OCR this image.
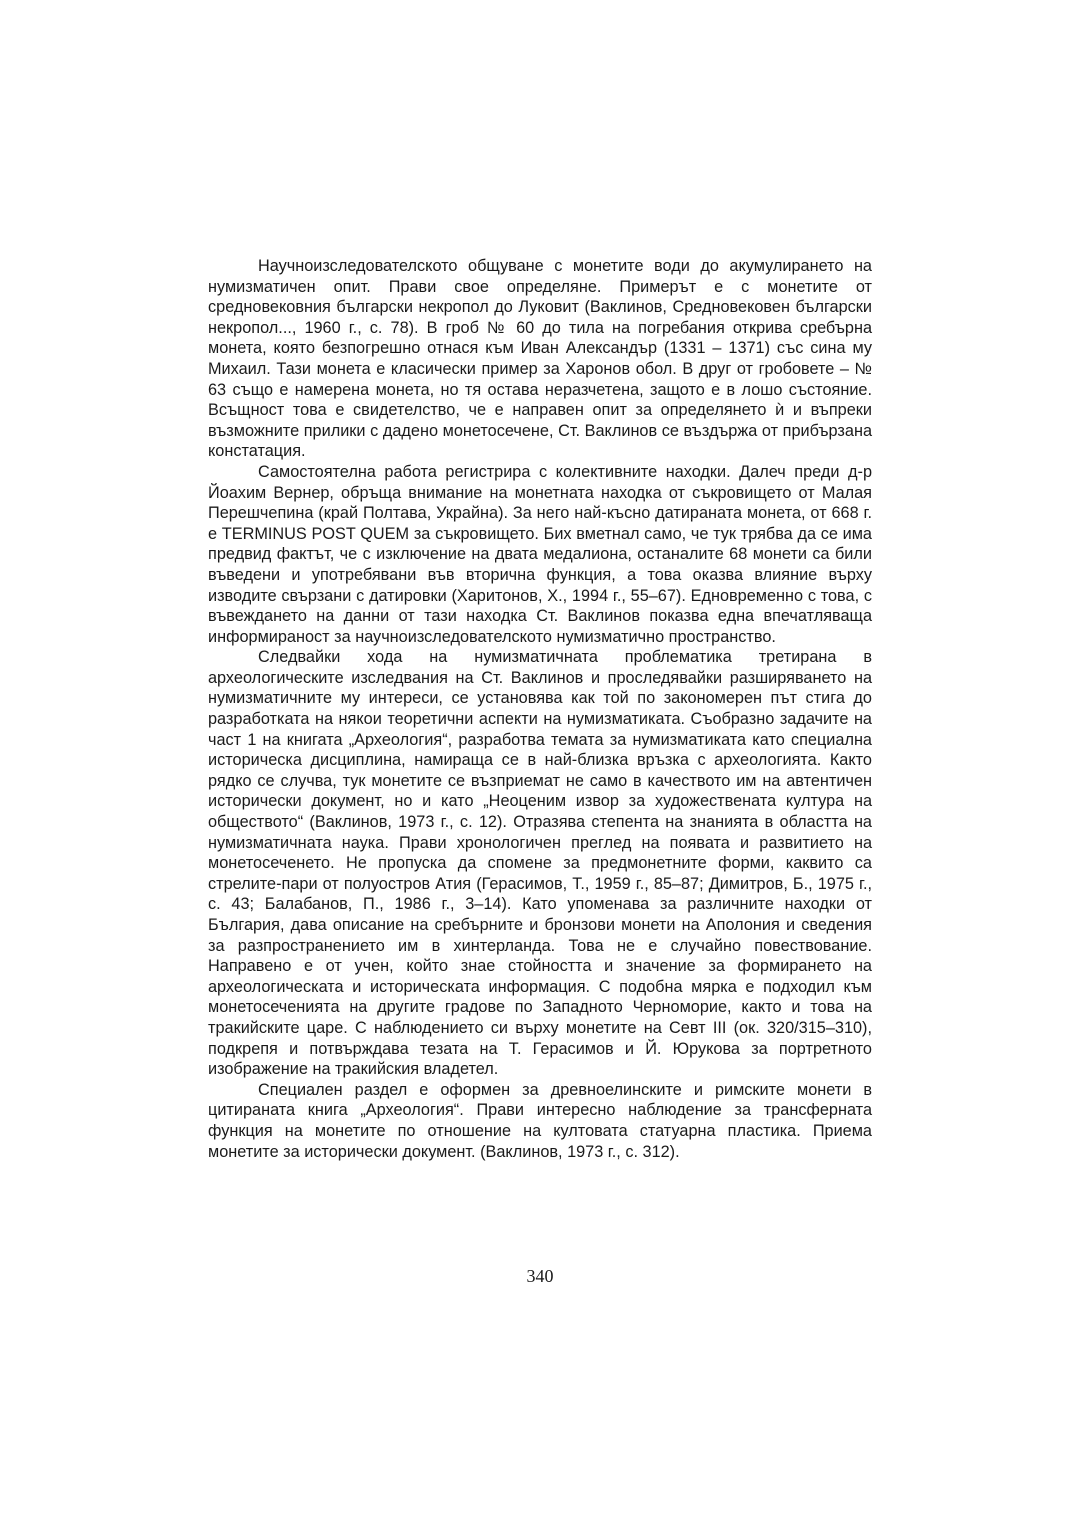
Научноизследователското общуване с монетите води до акумулирането на нумизматичен опит. Прави свое определяне. Примерът е с монетите от средновековния български некропол до Луковит (Ваклинов, Средновековен български некропол..., 1960 г., с. 78). В гроб № 60 до тила на погребания открива сребърна монета, която безпогрешно отнася към Иван Александър (1331 – 1371) със сина му Михаил. Тази монета е класически пример за Харонов обол. В друг от гробовете – № 63 също е намерена монета, но тя остава неразчетена, защото е в лошо състояние. Всъщност това е свидетелство, че е направен опит за определянето ѝ и въпреки възможните прилики с дадено монетосечене, Ст. Ваклинов се въздържа от прибързана констатация.

Самостоятелна работа регистрира с колективните находки. Далеч преди д-р Йоахим Вернер, обръща внимание на монетната находка от съкровището от Малая Перешчепина (край Полтава, Украйна). За него най-късно датираната монета, от 668 г. е TERMINUS POST QUEM за съкровището. Бих вметнал само, че тук трябва да се има предвид фактът, че с изключение на двата медалиона, останалите 68 монети са били въведени и употребявани във вторична функция, а това оказва влияние върху изводите свързани с датировки (Харитонов, Х., 1994 г., 55–67). Едновременно с това, с въвеждането на данни от тази находка Ст. Ваклинов показва една впечатляваща информираност за научноизследователското нумизматично пространство.

Следвайки хода на нумизматичната проблематика третирана в археологическите изследвания на Ст. Ваклинов и проследявайки разширяването на нумизматичните му интереси, се установява как той по закономерен път стига до разработката на някои теоретични аспекти на нумизматиката. Съобразно задачите на част 1 на книгата „Археология“, разработва темата за нумизматиката като специална историческа дисциплина, намираща се в най-близка връзка с археологията. Както рядко се случва, тук монетите се възприемат не само в качеството им на автентичен исторически документ, но и като „Неоценим извор за художествената култура на обществото“ (Ваклинов, 1973 г., с. 12). Отразява степента на знанията в областта на нумизматичната наука. Прави хронологичен преглед на появата и развитието на монетосеченето. Не пропуска да спомене за предмонетните форми, каквито са стрелите-пари от полуостров Атия (Герасимов, Т., 1959 г., 85–87; Димитров, Б., 1975 г., с. 43; Балабанов, П., 1986 г., 3–14). Като упоменава за различните находки от България, дава описание на сребърните и бронзови монети на Аполония и сведения за разпространението им в хинтерланда. Това не е случайно повествование. Направено е от учен, който знае стойността и значение за формирането на археологическата и историческата информация. С подобна мярка е подходил към монетосеченията на другите градове по Западното Черноморие, както и това на тракийските царе. С наблюдението си върху монетите на Севт III (ок. 320/315–310), подкрепя и потвърждава тезата на Т. Герасимов и Й. Юрукова за портретното изображение на тракийския владетел.

Специален раздел е оформен за древноелинските и римските монети в цитираната книга „Археология“. Прави интересно наблюдение за трансферната функция на монетите по отношение на култовата статуарна пластика. Приема монетите за исторически документ. (Ваклинов, 1973 г., с. 312).

340
